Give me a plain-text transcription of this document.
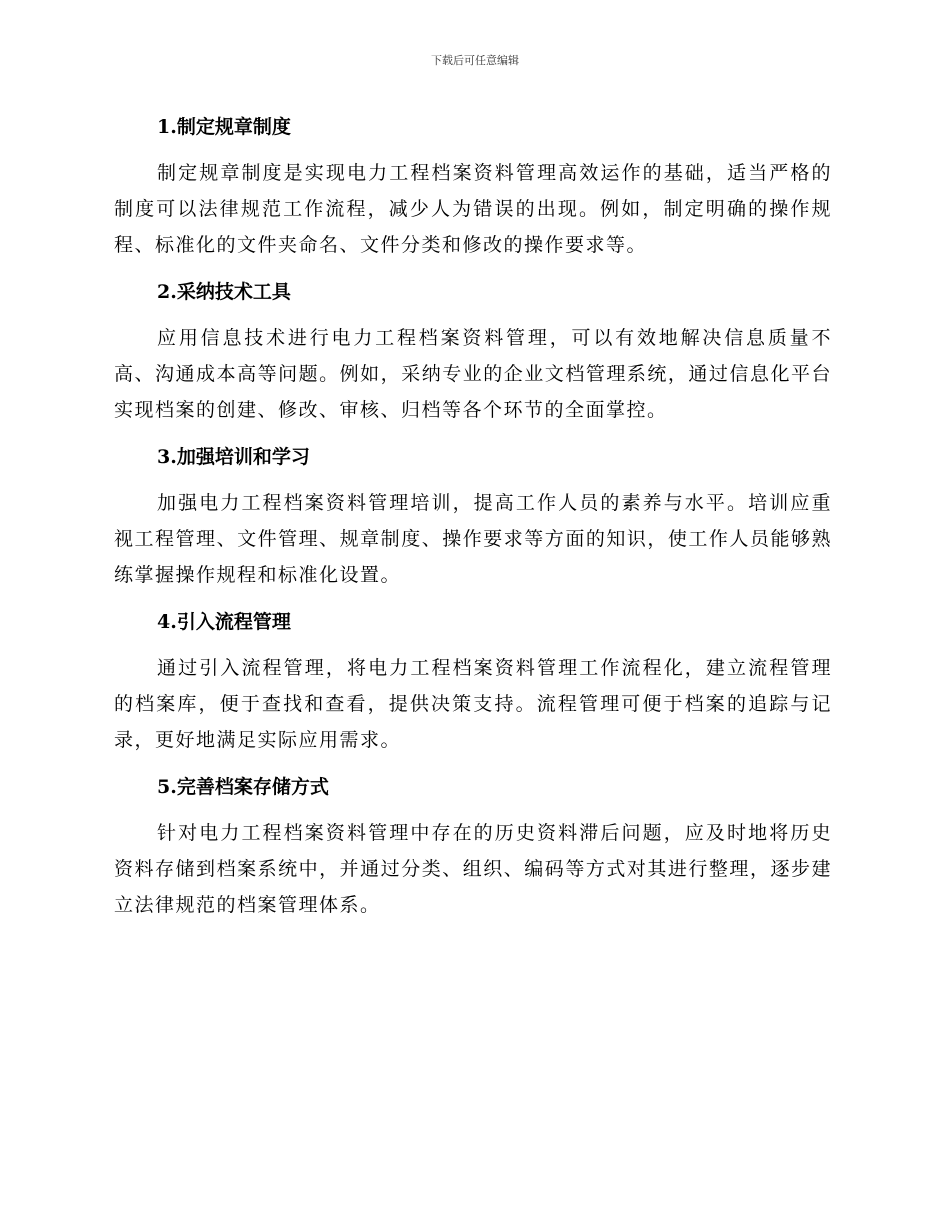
下载后可任意编辑
1.制定规章制度

制定规章制度是实现电力工程档案资料管理高效运作的基础，适当严格的制度可以法律规范工作流程，减少人为错误的出现。例如，制定明确的操作规程、标准化的文件夹命名、文件分类和修改的操作要求等。

2.采纳技术工具

应用信息技术进行电力工程档案资料管理，可以有效地解决信息质量不高、沟通成本高等问题。例如，采纳专业的企业文档管理系统，通过信息化平台实现档案的创建、修改、审核、归档等各个环节的全面掌控。

3.加强培训和学习

加强电力工程档案资料管理培训，提高工作人员的素养与水平。培训应重视工程管理、文件管理、规章制度、操作要求等方面的知识，使工作人员能够熟练掌握操作规程和标准化设置。

4.引入流程管理

通过引入流程管理，将电力工程档案资料管理工作流程化，建立流程管理的档案库，便于查找和查看，提供决策支持。流程管理可便于档案的追踪与记录，更好地满足实际应用需求。

5.完善档案存储方式

针对电力工程档案资料管理中存在的历史资料滞后问题，应及时地将历史资料存储到档案系统中，并通过分类、组织、编码等方式对其进行整理，逐步建立法律规范的档案管理体系。
